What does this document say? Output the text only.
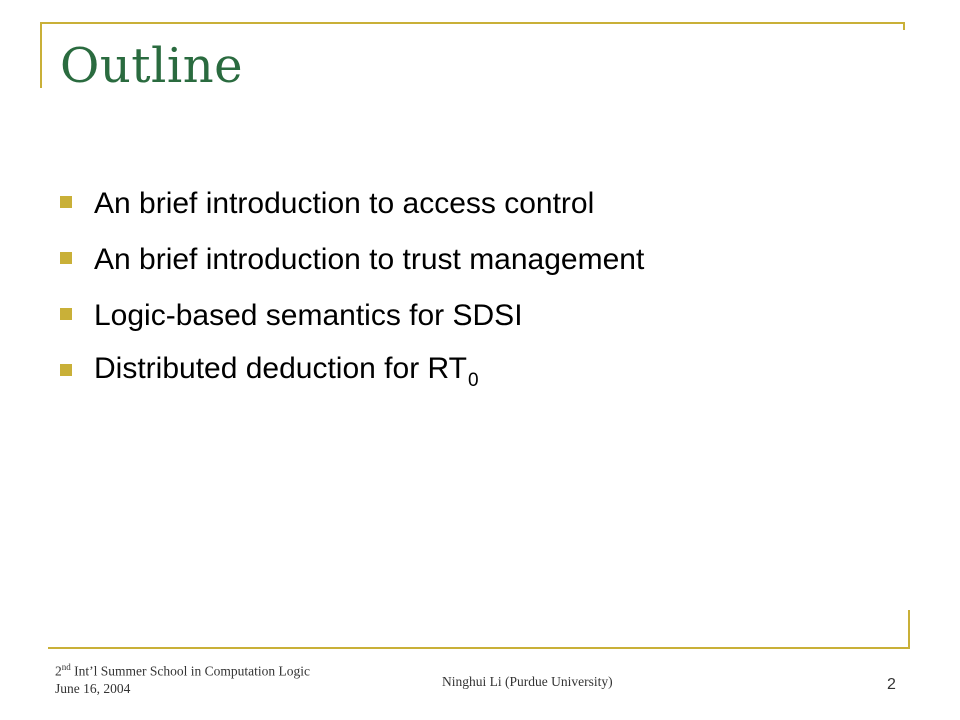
Outline
An brief introduction to access control
An brief introduction to trust management
Logic-based semantics for SDSI
Distributed deduction for $RT_0$
2nd Int’l Summer School in Computation Logic
June 16, 2004	Ninghui Li (Purdue University)	2
